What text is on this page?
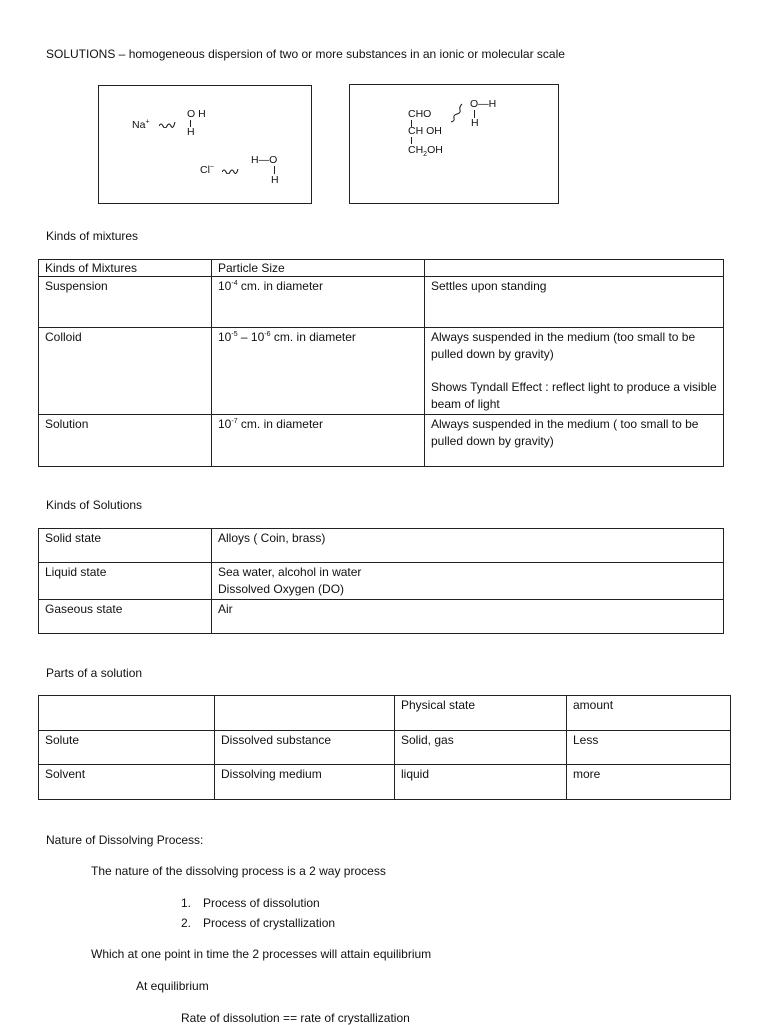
SOLUTIONS – homogeneous dispersion of two or more substances in an ionic or molecular scale
Na+
O H
H
Cl−
H—O
H
CHO
CH OH
$CH_2OH$
O—H
H
Kinds of mixtures
Kinds of Mixtures	Particle Size	
Suspension	$10^{-4}$ cm. in diameter	Settles upon standing
Colloid	$10^{-5} - 10^{-6}$ cm. in diameter	Always suspended in the medium (too small to be pulled down by gravity)
Shows Tyndall Effect : reflect light to produce a visible beam of light

Solution	$10^{-7}$ cm. in diameter	Always suspended in the medium ( too small to be pulled down by gravity)
Kinds of Solutions
Solid state	Alloys ( Coin, brass)
Liquid state	Sea water, alcohol in water
Dissolved Oxygen (DO)

Gaseous state	Air
Parts of a solution
		Physical state	amount
Solute	Dissolved substance	Solid, gas	Less
Solvent	Dissolving medium	liquid	more
Nature of Dissolving Process:
The nature of the dissolving process is a 2 way process
1. Process of dissolution
2. Process of crystallization
Which at one point in time the 2 processes will attain equilibrium
At equilibrium
Rate of dissolution == rate of crystallization
